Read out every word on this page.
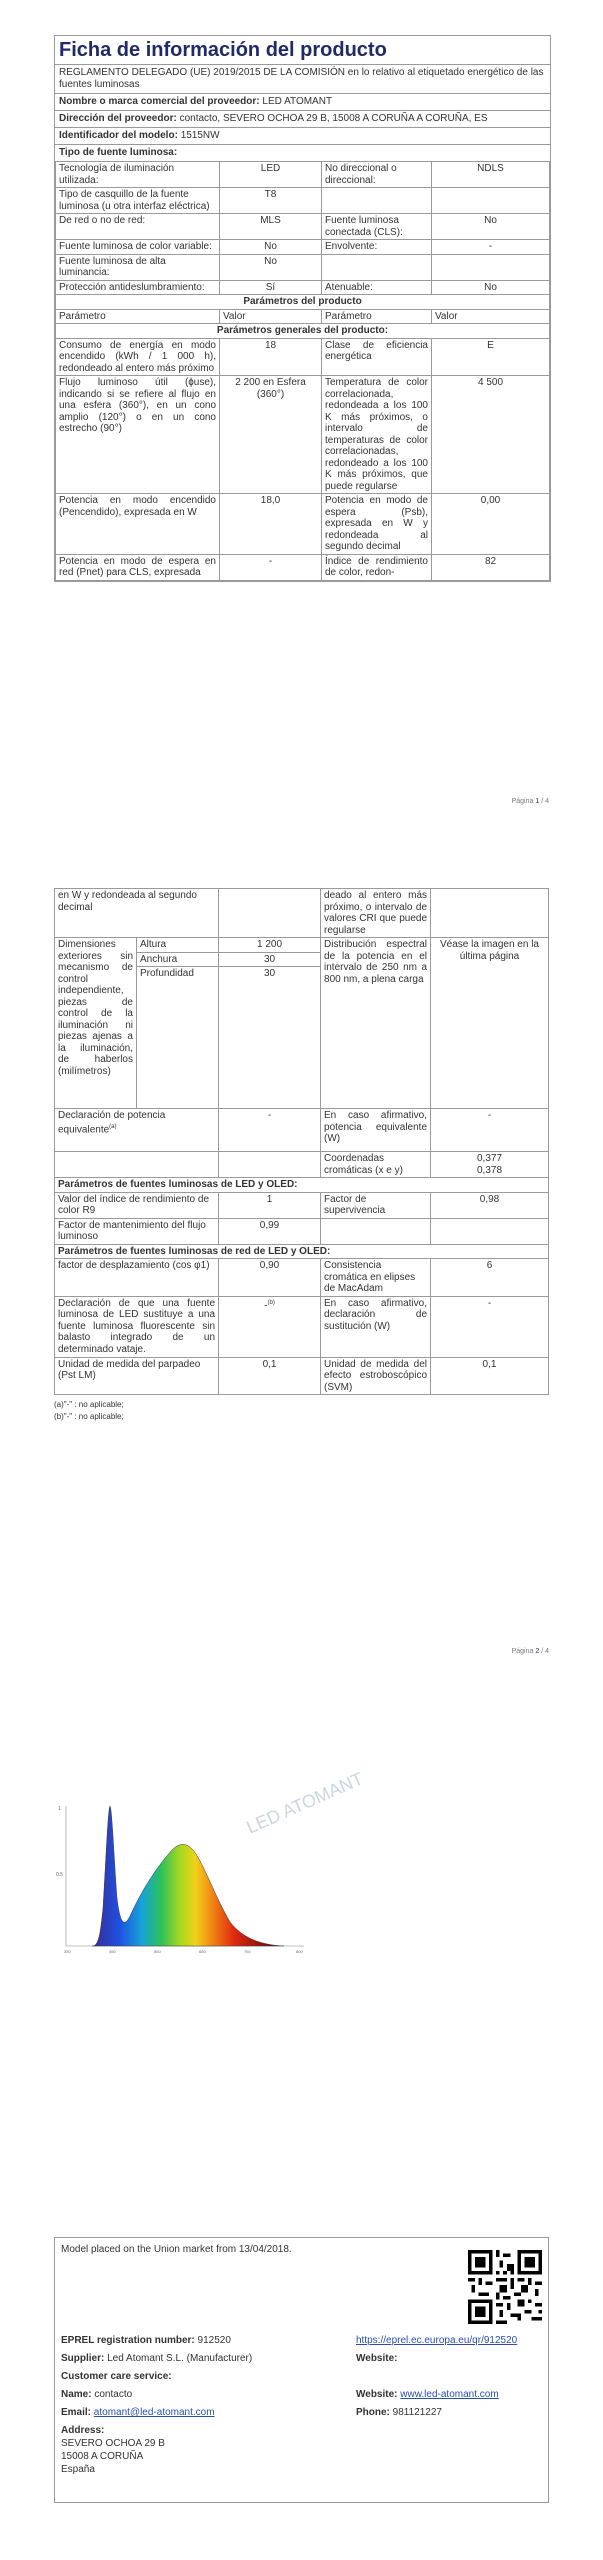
Ficha de información del producto
REGLAMENTO DELEGADO (UE) 2019/2015 DE LA COMISIÓN en lo relativo al etiquetado energético de las fuentes luminosas
Nombre o marca comercial del proveedor: LED ATOMANT
Dirección del proveedor: contacto, SEVERO OCHOA 29 B, 15008 A CORUÑA A CORUÑA, ES
Identificador del modelo: 1515NW
Tipo de fuente luminosa:
Tecnología de iluminación utilizada:	LED	No direccional o direccional:	NDLS
Tipo de casquillo de la fuente luminosa (u otra interfaz eléctrica)	T8		
De red o no de red:	MLS	Fuente luminosa conectada (CLS):	No
Fuente luminosa de color variable:	No	Envolvente:	-
Fuente luminosa de alta luminancia:	No		
Protección antideslumbramiento:	Sí	Atenuable:	No
Parámetros del producto			
Parámetro	Valor	Parámetro	Valor
Parámetros generales del producto:			
Consumo de energía en modo encendido (kWh / 1 000 h), redondeado al entero más próximo	18	Clase de eficiencia energética	E
Flujo luminoso útil (ɸuse), indicando si se refiere al flujo en una esfera (360°), en un cono amplio (120°) o en un cono estrecho (90°)	2 200 en Esfera (360°)	Temperatura de color correlacionada, redondeada a los 100 K más próximos, o intervalo de temperaturas de color correlacionadas, redondeado a los 100 K más próximos, que puede regularse	4 500
Potencia en modo encendido (Pencendido), expresada en W	18,0	Potencia en modo de espera (Psb), expresada en W y redondeada al segundo decimal	0,00
Potencia en modo de espera en red (Pnet) para CLS, expresada	-	Índice de rendimiento de color, redon-	82
Página 1 / 4
en W y redondeada al segundo decimal			deado al entero más próximo, o intervalo de valores CRI que puede regularse	
Dimensiones exteriores sin mecanismo de control independiente, piezas de control de la iluminación ni piezas ajenas a la iluminación, de haberlos (milímetros)	Altura	1 200	Distribución espectral de la potencia en el intervalo de 250 nm a 800 nm, a plena carga	Véase la imagen en la última página
	Anchura	30		
	Profundidad	30		
Declaración de potencia equivalente$^{(a)}$		-	En caso afirmativo, potencia equivalente (W)	-
			Coordenadas cromáticas (x e y)	0,377
0,378

Parámetros de fuentes luminosas de LED y OLED:				
Valor del índice de rendimiento de color R9		1	Factor de supervivencia	0,98
Factor de mantenimiento del flujo luminoso		0,99		
Parámetros de fuentes luminosas de red de LED y OLED:				
factor de desplazamiento (cos φ1)		0,90	Consistencia cromática en elipses de MacAdam	6
Declaración de que una fuente luminosa de LED sustituye a una fuente luminosa fluorescente sin balasto integrado de un determinado vataje.		-$^{(b)}$	En caso afirmativo, declaración de sustitución (W)	-
Unidad de medida del parpadeo (Pst LM)		0,1	Unidad de medida del efecto estroboscópico (SVM)	0,1
(a)"-" : no aplicable;
(b)"-" : no aplicable;
Página 2 / 4
1
0.5
LED ATOMANT
350	450	550	650	750	800
Model placed on the Union market from 13/04/2018.
EPREL registration number: 912520	https://eprel.ec.europa.eu/qr/912520
Supplier: Led Atomant S.L. (Manufacturer)	Website:
Customer care service:
Name: contacto	Website: www.led-atomant.com
Email: atomant@led-atomant.com	Phone: 981121227
Address:
SEVERO OCHOA 29 B
15008 A CORUÑA
España
